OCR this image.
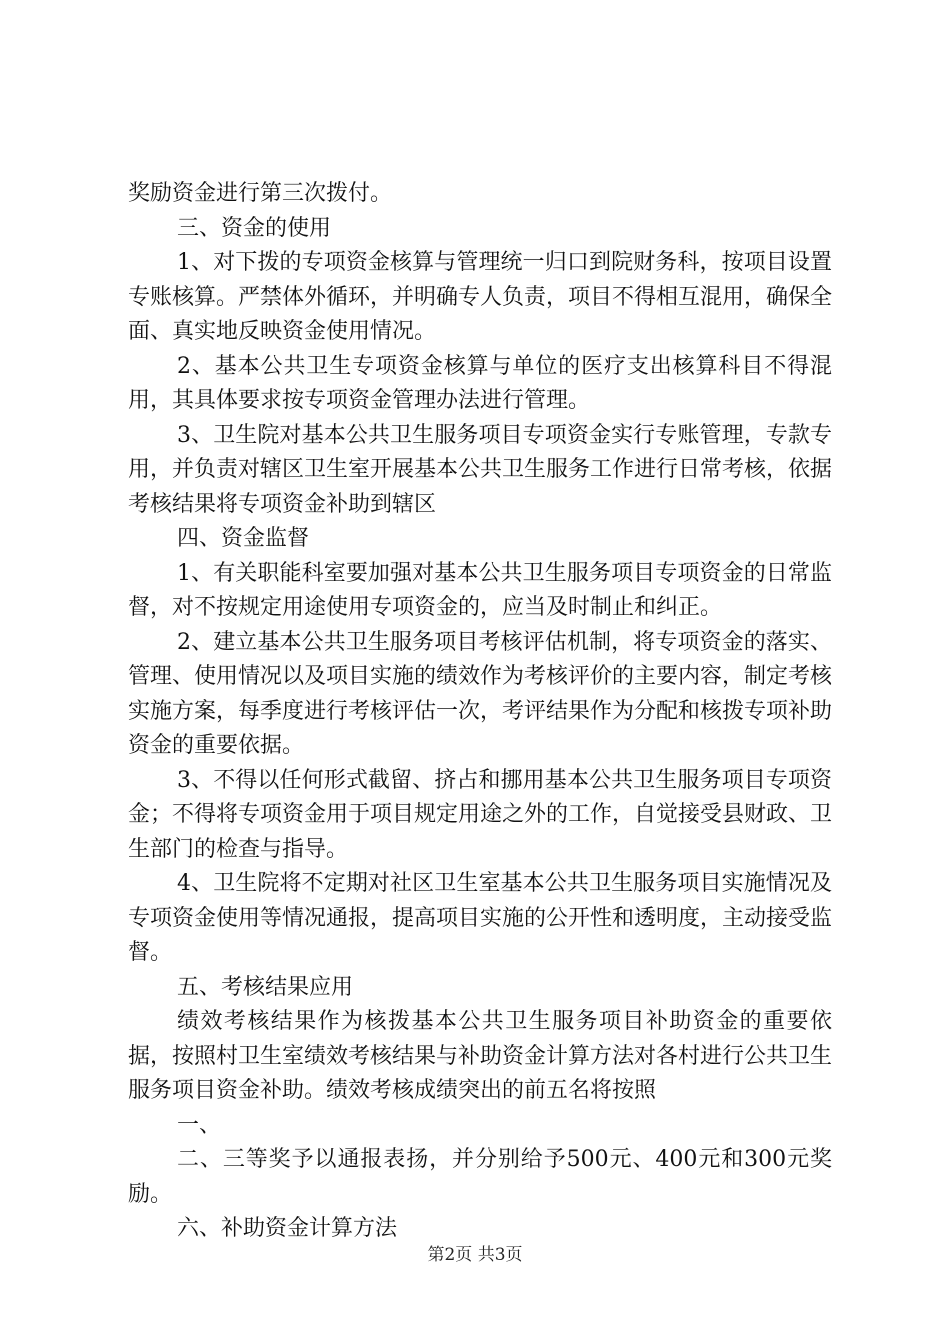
奖励资金进行第三次拨付。

三、资金的使用

1、对下拨的专项资金核算与管理统一归口到院财务科，按项目设置专账核算。严禁体外循环，并明确专人负责，项目不得相互混用，确保全面、真实地反映资金使用情况。

2、基本公共卫生专项资金核算与单位的医疗支出核算科目不得混用，其具体要求按专项资金管理办法进行管理。

3、卫生院对基本公共卫生服务项目专项资金实行专账管理，专款专用，并负责对辖区卫生室开展基本公共卫生服务工作进行日常考核，依据考核结果将专项资金补助到辖区

四、资金监督

1、有关职能科室要加强对基本公共卫生服务项目专项资金的日常监督，对不按规定用途使用专项资金的，应当及时制止和纠正。

2、建立基本公共卫生服务项目考核评估机制，将专项资金的落实、管理、使用情况以及项目实施的绩效作为考核评价的主要内容，制定考核实施方案，每季度进行考核评估一次，考评结果作为分配和核拨专项补助资金的重要依据。

3、不得以任何形式截留、挤占和挪用基本公共卫生服务项目专项资金；不得将专项资金用于项目规定用途之外的工作，自觉接受县财政、卫生部门的检查与指导。

4、卫生院将不定期对社区卫生室基本公共卫生服务项目实施情况及专项资金使用等情况通报，提高项目实施的公开性和透明度，主动接受监督。

五、考核结果应用

绩效考核结果作为核拨基本公共卫生服务项目补助资金的重要依据，按照村卫生室绩效考核结果与补助资金计算方法对各村进行公共卫生服务项目资金补助。绩效考核成绩突出的前五名将按照

一、

二、三等奖予以通报表扬，并分别给予500元、400元和300元奖励。

六、补助资金计算方法

第2页 共3页
